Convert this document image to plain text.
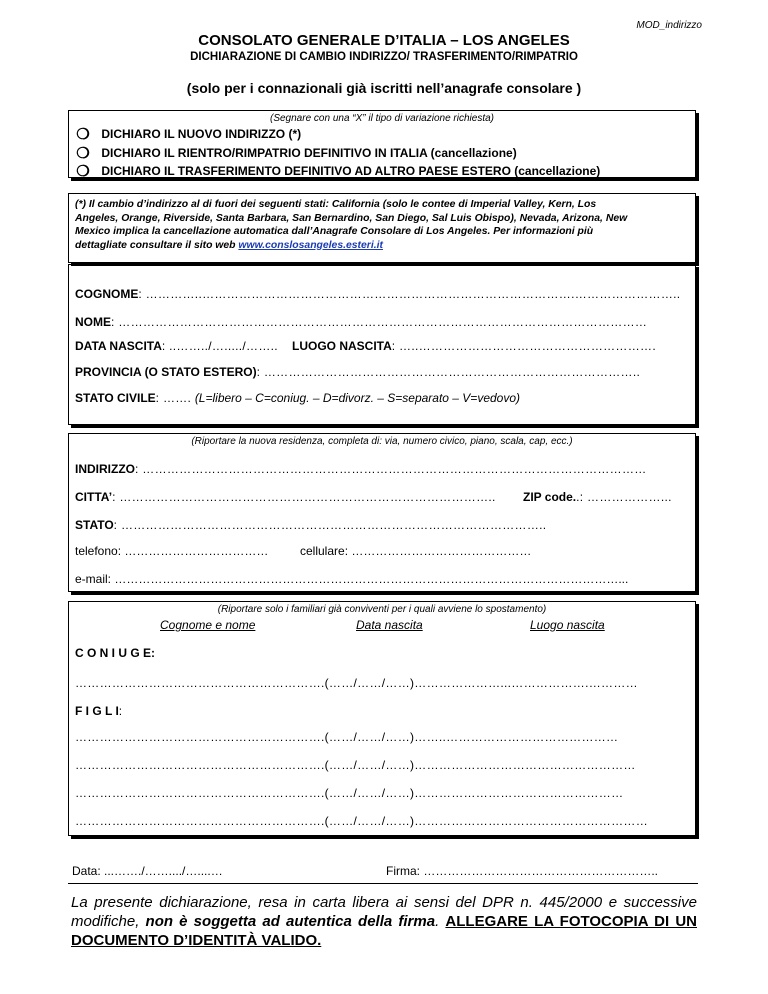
MOD_indirizzo
CONSOLATO GENERALE D’ITALIA – LOS ANGELES
DICHIARAZIONE DI CAMBIO INDIRIZZO/ TRASFERIMENTO/RIMPATRIO
(solo per i connazionali già iscritti nell’anagrafe consolare )
(Segnare con una “X” il tipo di variazione richiesta)
❍ DICHIARO IL NUOVO INDIRIZZO (*)
❍ DICHIARO IL RIENTRO/RIMPATRIO DEFINITIVO IN ITALIA (cancellazione)
❍ DICHIARO IL TRASFERIMENTO DEFINITIVO AD ALTRO PAESE ESTERO (cancellazione)
(*) Il cambio d’indirizzo al di fuori dei seguenti stati: California (solo le contee di Imperial Valley, Kern, Los
Angeles, Orange, Riverside, Santa Barbara, San Bernardino, San Diego, Sal Luis Obispo), Nevada, Arizona, New
Mexico implica la cancellazione automatica dall’Anagrafe Consolare di Los Angeles. Per informazioni più
dettagliate consultare il sito web www.conslosangeles.esteri.it
COGNOME: …………..……………………………………………………………………………….……………………..
NOME: …………………………………………………………………………………………………………………
DATA NASCITA: ..……../…...../…….. LUOGO NASCITA: …..………………………………………………….
PROVINCIA (O STATO ESTERO): ………………………………………………………………………………..
STATO CIVILE: ……. (L=libero – C=coniug. – D=divorz. – S=separato – V=vedovo)
(Riportare la nuova residenza, completa di: via, numero civico, piano, scala, cap, ecc.)
INDIRIZZO: ……………………………………………………………………………………………………………
CITTA’: ……………………………………………………………………………….. ZIP code..: ………………...
STATO: …………………………………………………………………………………………..
telefono: ………………………………	cellulare: ………………………………………
e-mail: ………………………………………………………………………………………………………………...
(Riportare solo i familiari già conviventi per i quali avviene lo spostamento)
Cognome e nome	Data nascita	Luogo nascita
C O N I U G E:
…………………………………………………….(……/……/……)…………………...……………….…………
F I G L I:
…………………………………………………….(……/……/……)……..……………………………………
…………………………………………………….(……/……/……)………………………………………………
…………………………………………………….(……/……/……)……………………………………………
…………………………………………………….(……/……/……)…………………………………………………
Data: ...……./……..../…....…	Firma: …………………………………………………..
La presente dichiarazione, resa in carta libera ai sensi del DPR n. 445/2000 e successive modifiche, non è soggetta ad autentica della firma. ALLEGARE LA FOTOCOPIA DI UN DOCUMENTO D’IDENTITÀ VALIDO.
